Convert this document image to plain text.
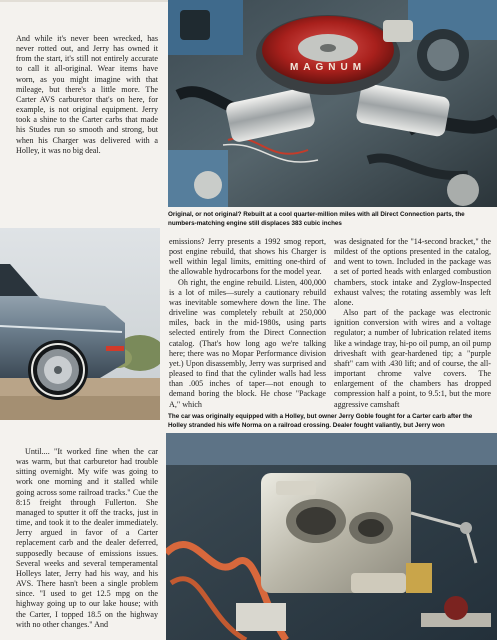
And while it's never been wrecked, has never rotted out, and Jerry has owned it from the start, it's still not entirely accurate to call it all-original. Wear items have worn, as you might imagine with that mileage, but there's a little more. The Carter AVS carburetor that's on here, for example, is not original equipment. Jerry took a shine to the Carter carbs that made his Studes run so smooth and strong, but when his Charger was delivered with a Holley, it was no big deal.

MAGNUM
Original, or not original? Rebuilt at a cool quarter-million miles with all Direct Connection parts, the numbers-matching engine still displaces 383 cubic inches

emissions? Jerry presents a 1992 smog report, post engine rebuild, that shows his Charger is well within legal limits, emitting one-third of the allowable hydrocarbons for the model year.

Oh right, the engine rebuild. Listen, 400,000 is a lot of miles—surely a cautionary rebuild was inevitable somewhere down the line. The driveline was completely rebuilt at 250,000 miles, back in the mid-1980s, using parts selected entirely from the Direct Connection catalog. (That's how long ago we're talking here; there was no Mopar Performance division yet.) Upon disassembly, Jerry was surprised and pleased to find that the cylinder walls had less than .005 inches of taper—not enough to demand boring the block. He chose "Package A," which

was designated for the "14-second bracket," the mildest of the options presented in the catalog, and went to town. Included in the package was a set of ported heads with enlarged combustion chambers, stock intake and Zyglow-Inspected exhaust valves; the rotating assembly was left alone.

Also part of the package was electronic ignition conversion with wires and a voltage regulator; a number of lubrication related items like a windage tray, hi-po oil pump, an oil pump driveshaft with gear-hardened tip; a "purple shaft" cam with .430 lift; and of course, the all-important chrome valve covers. The enlargement of the chambers has dropped compression half a point, to 9.5:1, but the more aggressive camshaft

The car was originally equipped with a Holley, but owner Jerry Goble fought for a Carter carb after the Holley stranded his wife Norma on a railroad crossing. Dealer fought valiantly, but Jerry won

Until.... "It worked fine when the car was warm, but that carburetor had trouble sitting overnight. My wife was going to work one morning and it stalled while going across some railroad tracks." Cue the 8:15 freight through Fullerton. She managed to sputter it off the tracks, just in time, and took it to the dealer immediately. Jerry argued in favor of a Carter replacement carb and the dealer deferred, supposedly because of emissions issues. Several weeks and several temperamental Holleys later, Jerry had his way, and his AVS. There hasn't been a single problem since. "I used to get 12.5 mpg on the highway going up to our lake house; with the Carter, I topped 18.5 on the highway with no other changes." And
